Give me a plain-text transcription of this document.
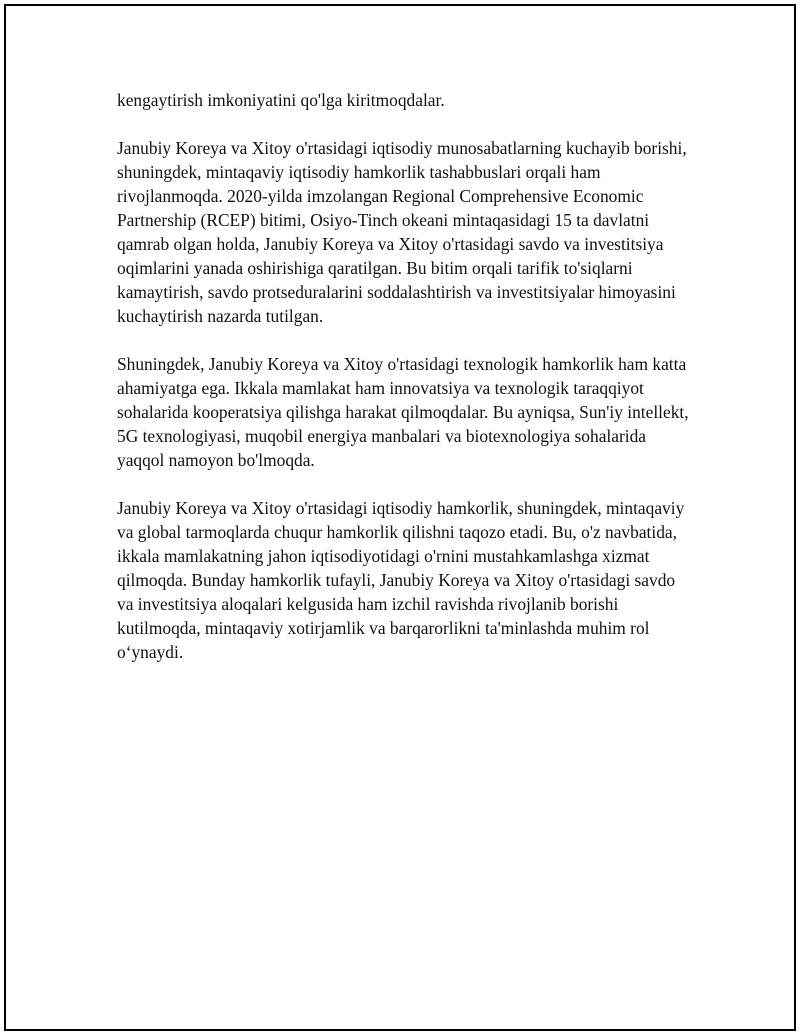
kengaytirish imkoniyatini qo'lga kiritmoqdalar.

Janubiy Koreya va Xitoy o'rtasidagi iqtisodiy munosabatlarning kuchayib borishi, shuningdek, mintaqaviy iqtisodiy hamkorlik tashabbuslari orqali ham rivojlanmoqda. 2020-yilda imzolangan Regional Comprehensive Economic Partnership (RCEP) bitimi, Osiyo-Tinch okeani mintaqasidagi 15 ta davlatni qamrab olgan holda, Janubiy Koreya va Xitoy o'rtasidagi savdo va investitsiya oqimlarini yanada oshirishiga qaratilgan. Bu bitim orqali tarifik to'siqlarni kamaytirish, savdo protseduralarini soddalashtirish va investitsiyalar himoyasini kuchaytirish nazarda tutilgan.

Shuningdek, Janubiy Koreya va Xitoy o'rtasidagi texnologik hamkorlik ham katta ahamiyatga ega. Ikkala mamlakat ham innovatsiya va texnologik taraqqiyot sohalarida kooperatsiya qilishga harakat qilmoqdalar. Bu ayniqsa, Sun'iy intellekt, 5G texnologiyasi, muqobil energiya manbalari va biotexnologiya sohalarida yaqqol namoyon bo'lmoqda.

Janubiy Koreya va Xitoy o'rtasidagi iqtisodiy hamkorlik, shuningdek, mintaqaviy va global tarmoqlarda chuqur hamkorlik qilishni taqozo etadi. Bu, o'z navbatida, ikkala mamlakatning jahon iqtisodiyotidagi o'rnini mustahkamlashga xizmat qilmoqda. Bunday hamkorlik tufayli, Janubiy Koreya va Xitoy o'rtasidagi savdo va investitsiya aloqalari kelgusida ham izchil ravishda rivojlanib borishi kutilmoqda, mintaqaviy xotirjamlik va barqarorlikni ta'minlashda muhim rol o‘ynaydi.
